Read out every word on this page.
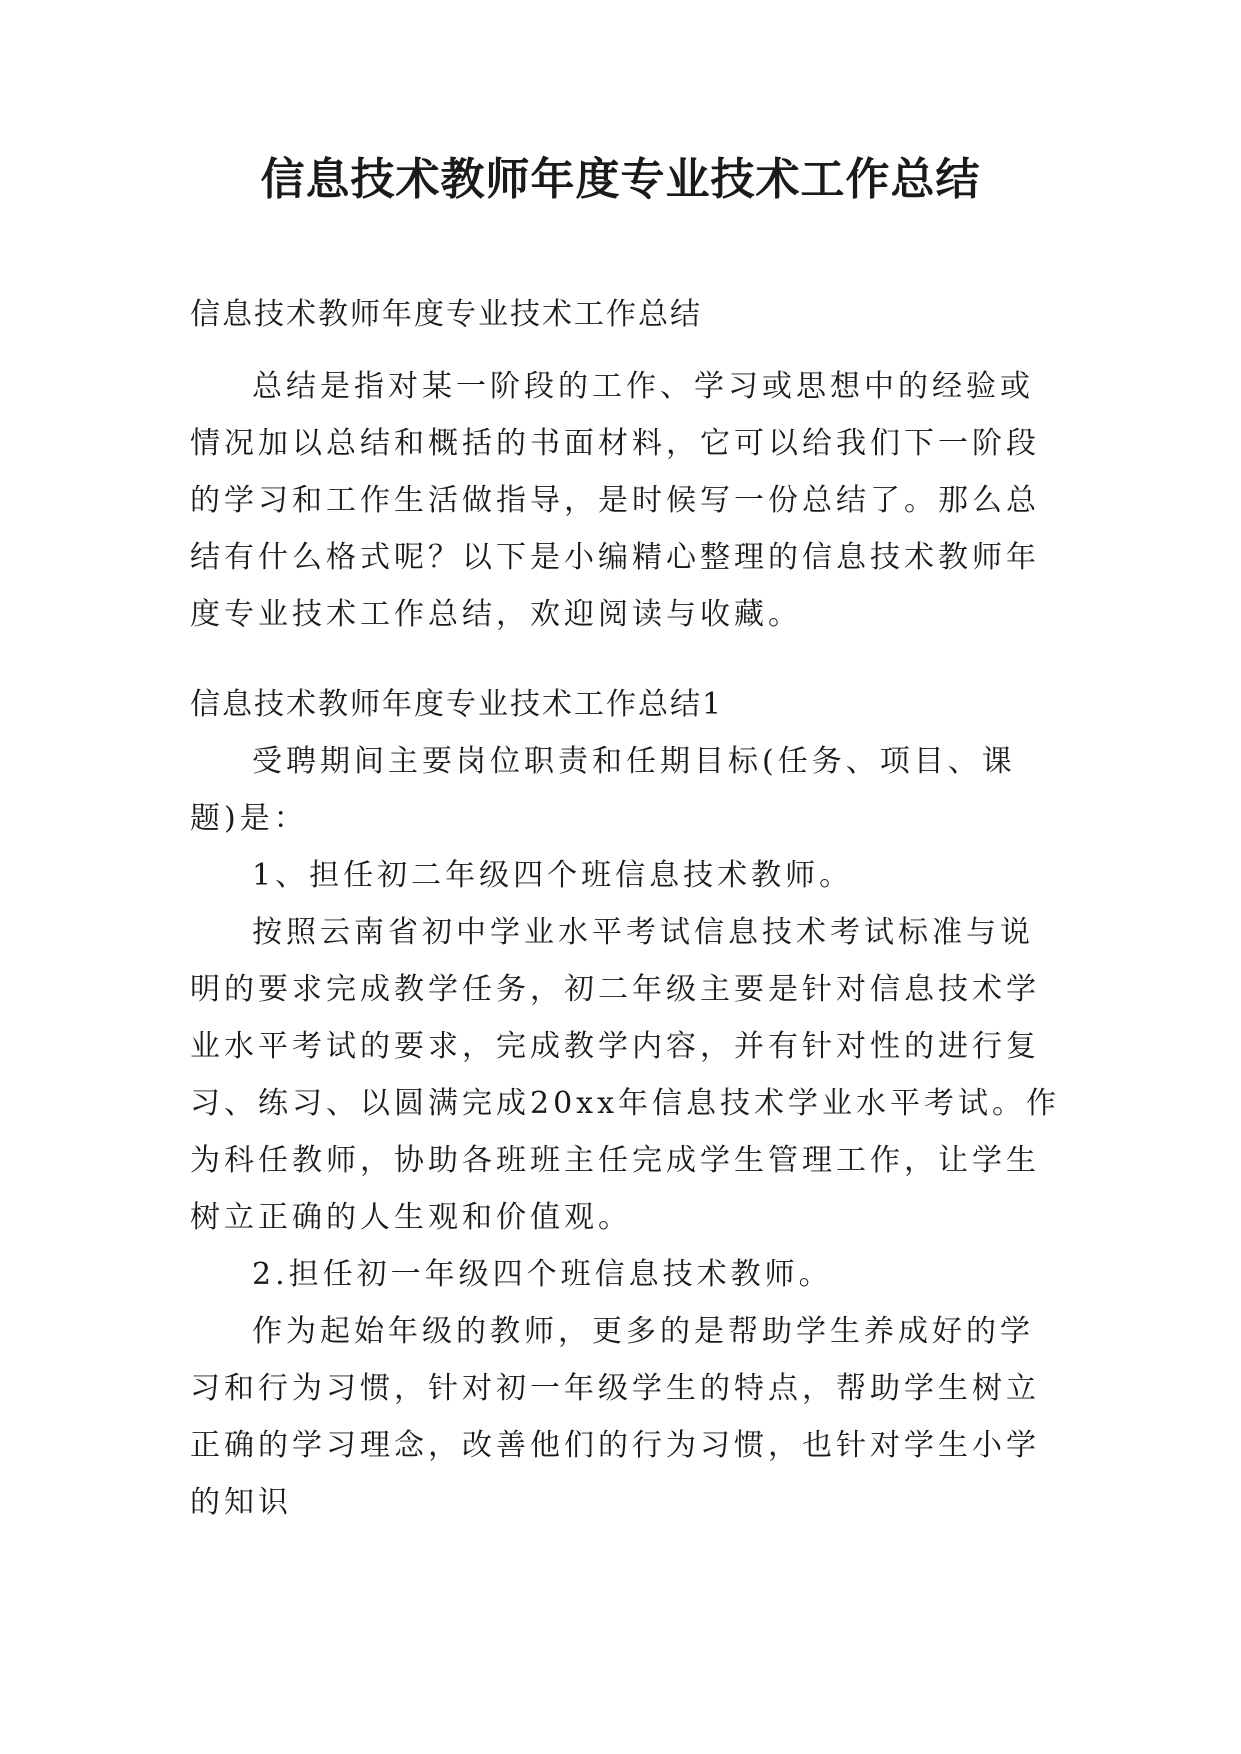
信息技术教师年度专业技术工作总结

信息技术教师年度专业技术工作总结

总结是指对某一阶段的工作、学习或思想中的经验或情况加以总结和概括的书面材料，它可以给我们下一阶段的学习和工作生活做指导，是时候写一份总结了。那么总结有什么格式呢？以下是小编精心整理的信息技术教师年度专业技术工作总结，欢迎阅读与收藏。

信息技术教师年度专业技术工作总结1

受聘期间主要岗位职责和任期目标(任务、项目、课题)是：

1、担任初二年级四个班信息技术教师。

按照云南省初中学业水平考试信息技术考试标准与说明的要求完成教学任务，初二年级主要是针对信息技术学业水平考试的要求，完成教学内容，并有针对性的进行复习、练习、以圆满完成20xx年信息技术学业水平考试。作为科任教师，协助各班班主任完成学生管理工作，让学生树立正确的人生观和价值观。

2.担任初一年级四个班信息技术教师。

作为起始年级的教师，更多的是帮助学生养成好的学习和行为习惯，针对初一年级学生的特点，帮助学生树立正确的学习理念，改善他们的行为习惯，也针对学生小学的知识
